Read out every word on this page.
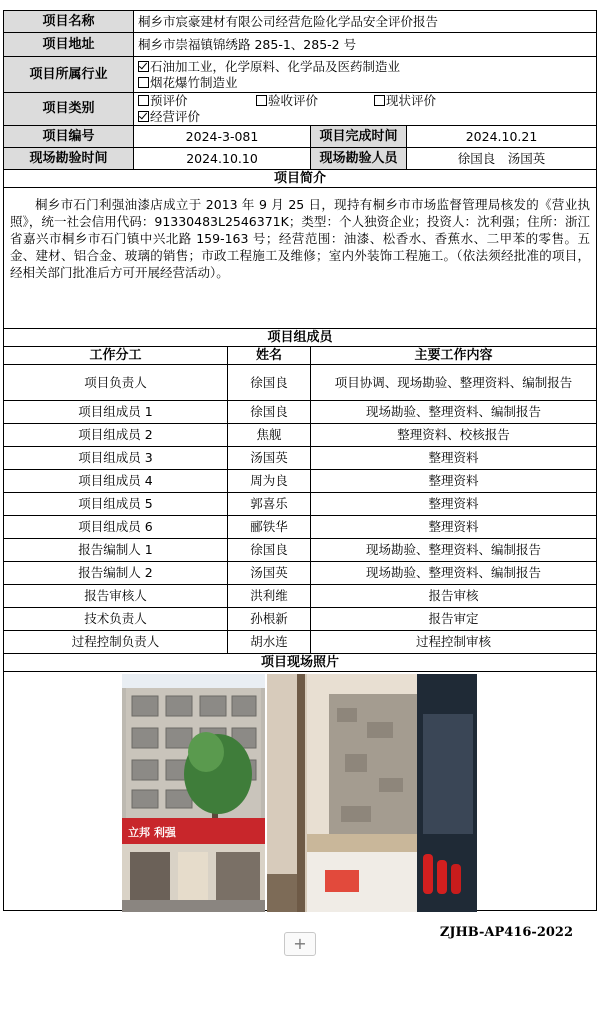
项目名称	桐乡市宸豪建材有限公司经营危险化学品安全评价报告			
项目地址	桐乡市崇福镇锦绣路 285-1、285-2 号			
项目所属行业	石油加工业，化学原料、化学品及医药制造业
烟花爆竹制造业			

项目类别	预评价 验收评价 现状评价经营评价			
项目编号	2024-3-081		项目完成时间	2024.10.21
现场勘验时间	2024.10.10		现场勘验人员	徐国良　汤国英
项目简介				
桐乡市石门利强油漆店成立于 2013 年 9 月 25 日，现持有桐乡市市场监督管理局核发的《营业执照》，统一社会信用代码：91330483L2546371K；类型：个人独资企业；投资人：沈利强；住所：浙江省嘉兴市桐乡市石门镇中兴北路 159-163 号；经营范围：油漆、松香水、香蕉水、二甲苯的零售。五金、建材、铝合金、玻璃的销售；市政工程施工及维修；室内外装饰工程施工。（依法须经批准的项目，经相关部门批准后方可开展经营活动）。				
项目组成员				
工作分工		姓名	主要工作内容	
项目负责人		徐国良	项目协调、现场勘验、整理资料、编制报告	
项目组成员 1		徐国良	现场勘验、整理资料、编制报告	
项目组成员 2		焦舰	整理资料、校核报告	
项目组成员 3		汤国英	整理资料	
项目组成员 4		周为良	整理资料	
项目组成员 5		郭喜乐	整理资料	
项目组成员 6		郦铁华	整理资料	
报告编制人 1		徐国良	现场勘验、整理资料、编制报告	
报告编制人 2		汤国英	现场勘验、整理资料、编制报告	
报告审核人		洪利维	报告审核	
技术负责人		孙根新	报告审定	
过程控制负责人		胡水连	过程控制审核	
项目现场照片				

立邦 利强				
ZJHB-AP416-2022
+
